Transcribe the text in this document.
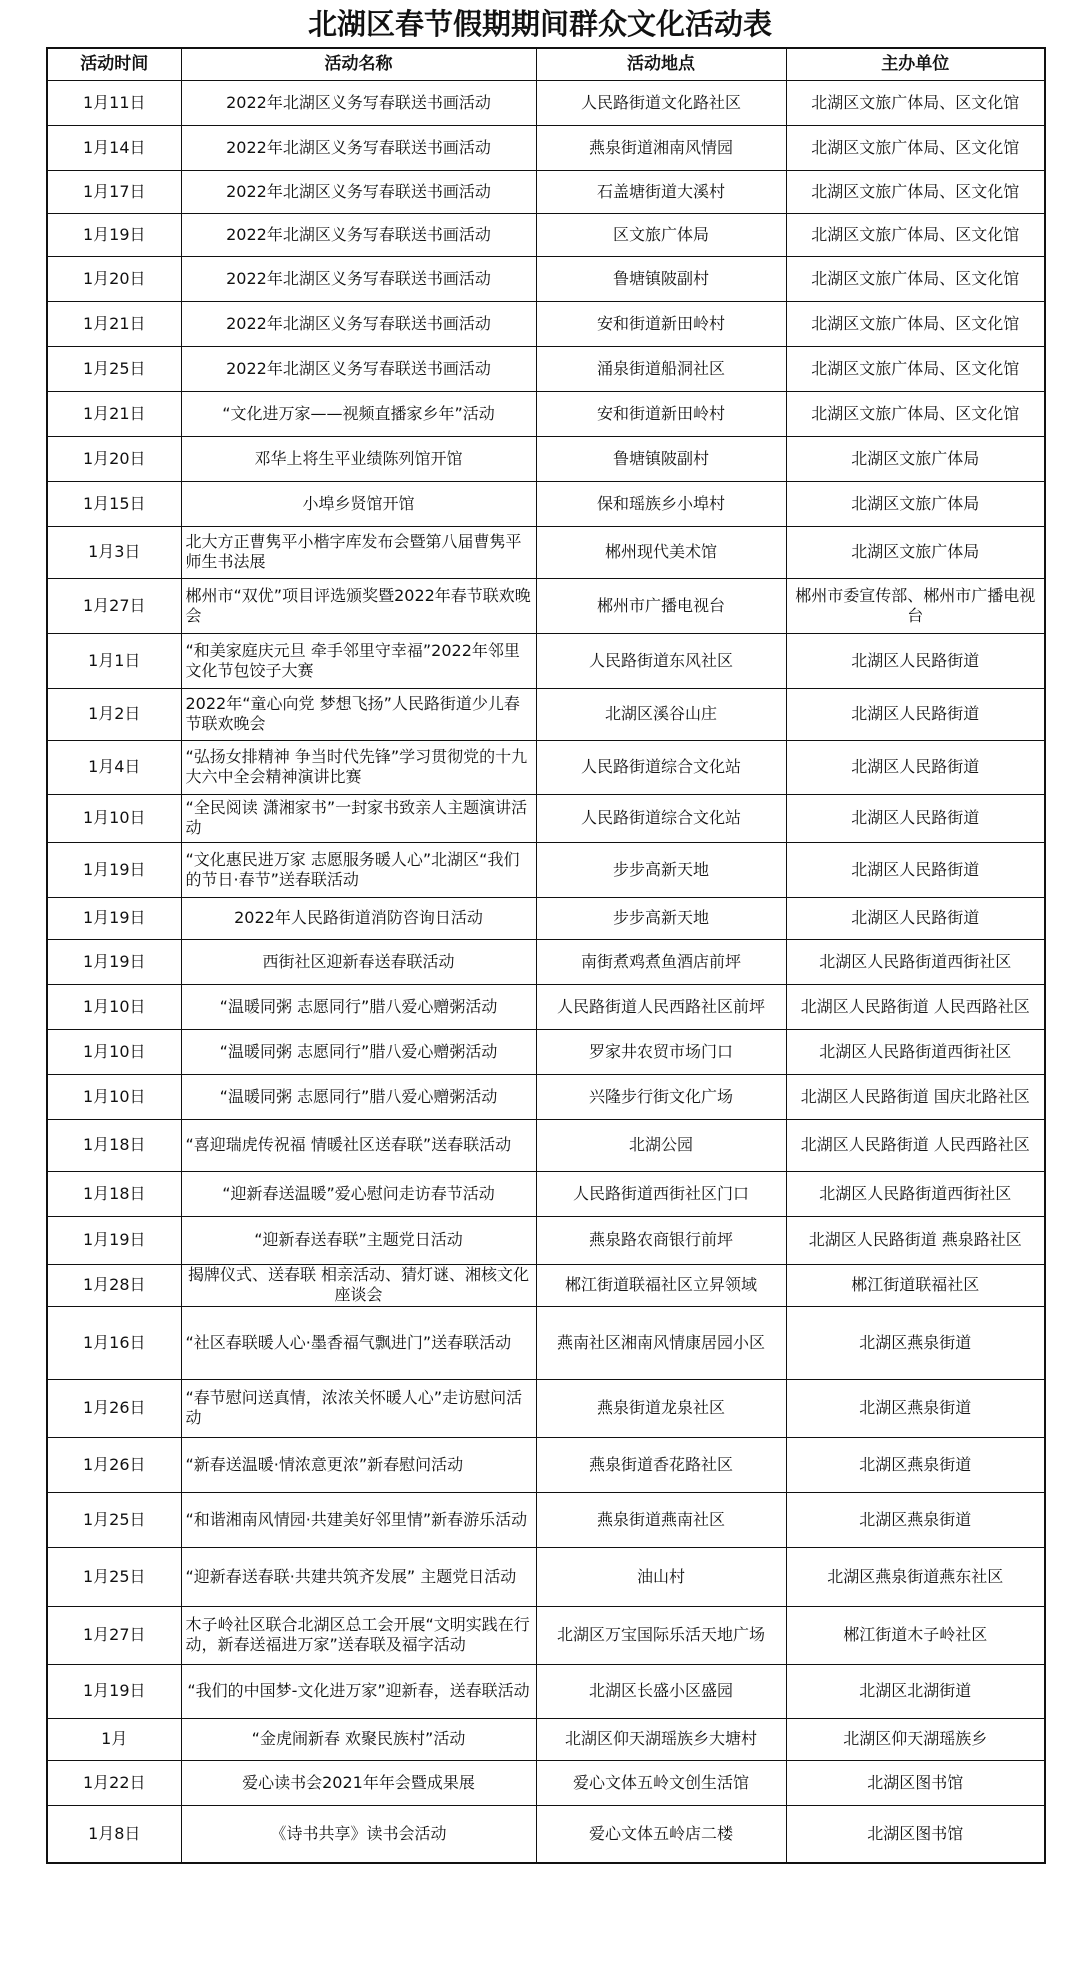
北湖区春节假期期间群众文化活动表
活动时间	活动名称	活动地点	主办单位
1月11日	2022年北湖区义务写春联送书画活动	人民路街道文化路社区	北湖区文旅广体局、区文化馆
1月14日	2022年北湖区义务写春联送书画活动	燕泉街道湘南风情园	北湖区文旅广体局、区文化馆
1月17日	2022年北湖区义务写春联送书画活动	石盖塘街道大溪村	北湖区文旅广体局、区文化馆
1月19日	2022年北湖区义务写春联送书画活动	区文旅广体局	北湖区文旅广体局、区文化馆
1月20日	2022年北湖区义务写春联送书画活动	鲁塘镇陂副村	北湖区文旅广体局、区文化馆
1月21日	2022年北湖区义务写春联送书画活动	安和街道新田岭村	北湖区文旅广体局、区文化馆
1月25日	2022年北湖区义务写春联送书画活动	涌泉街道船洞社区	北湖区文旅广体局、区文化馆
1月21日	“文化进万家——视频直播家乡年”活动	安和街道新田岭村	北湖区文旅广体局、区文化馆
1月20日	邓华上将生平业绩陈列馆开馆	鲁塘镇陂副村	北湖区文旅广体局
1月15日	小埠乡贤馆开馆	保和瑶族乡小埠村	北湖区文旅广体局
1月3日	北大方正曹隽平小楷字库发布会暨第八届曹隽平师生书法展	郴州现代美术馆	北湖区文旅广体局
1月27日	郴州市“双优”项目评选颁奖暨2022年春节联欢晚会	郴州市广播电视台	郴州市委宣传部、郴州市广播电视台
1月1日	“和美家庭庆元旦 牵手邻里守幸福”2022年邻里文化节包饺子大赛	人民路街道东风社区	北湖区人民路街道
1月2日	2022年“童心向党 梦想飞扬”人民路街道少儿春节联欢晚会	北湖区溪谷山庄	北湖区人民路街道
1月4日	“弘扬女排精神 争当时代先锋”学习贯彻党的十九大六中全会精神演讲比赛	人民路街道综合文化站	北湖区人民路街道
1月10日	“全民阅读 潇湘家书”一封家书致亲人主题演讲活动	人民路街道综合文化站	北湖区人民路街道
1月19日	“文化惠民进万家 志愿服务暖人心”北湖区“我们的节日·春节”送春联活动	步步高新天地	北湖区人民路街道
1月19日	2022年人民路街道消防咨询日活动	步步高新天地	北湖区人民路街道
1月19日	西街社区迎新春送春联活动	南街煮鸡煮鱼酒店前坪	北湖区人民路街道西街社区
1月10日	“温暖同粥 志愿同行”腊八爱心赠粥活动	人民路街道人民西路社区前坪	北湖区人民路街道 人民西路社区
1月10日	“温暖同粥 志愿同行”腊八爱心赠粥活动	罗家井农贸市场门口	北湖区人民路街道西街社区
1月10日	“温暖同粥 志愿同行”腊八爱心赠粥活动	兴隆步行街文化广场	北湖区人民路街道 国庆北路社区
1月18日	“喜迎瑞虎传祝福 情暖社区送春联”送春联活动	北湖公园	北湖区人民路街道 人民西路社区
1月18日	“迎新春送温暖”爱心慰问走访春节活动	人民路街道西街社区门口	北湖区人民路街道西街社区
1月19日	“迎新春送春联”主题党日活动	燕泉路农商银行前坪	北湖区人民路街道 燕泉路社区
1月28日	揭牌仪式、送春联 相亲活动、猜灯谜、湘核文化座谈会	郴江街道联福社区立昇领域	郴江街道联福社区
1月16日	“社区春联暖人心·墨香福气飘进门”送春联活动	燕南社区湘南风情康居园小区	北湖区燕泉街道
1月26日	“春节慰问送真情，浓浓关怀暖人心”走访慰问活动	燕泉街道龙泉社区	北湖区燕泉街道
1月26日	“新春送温暖·情浓意更浓”新春慰问活动	燕泉街道香花路社区	北湖区燕泉街道
1月25日	“和谐湘南风情园·共建美好邻里情”新春游乐活动	燕泉街道燕南社区	北湖区燕泉街道
1月25日	“迎新春送春联·共建共筑齐发展” 主题党日活动	油山村	北湖区燕泉街道燕东社区
1月27日	木子岭社区联合北湖区总工会开展“文明实践在行动，新春送福进万家”送春联及福字活动	北湖区万宝国际乐活天地广场	郴江街道木子岭社区
1月19日	“我们的中国梦-文化进万家”迎新春，送春联活动	北湖区长盛小区盛园	北湖区北湖街道
1月	“金虎闹新春 欢聚民族村”活动	北湖区仰天湖瑶族乡大塘村	北湖区仰天湖瑶族乡
1月22日	爱心读书会2021年年会暨成果展	爱心文体五岭文创生活馆	北湖区图书馆
1月8日	《诗书共享》读书会活动	爱心文体五岭店二楼	北湖区图书馆
